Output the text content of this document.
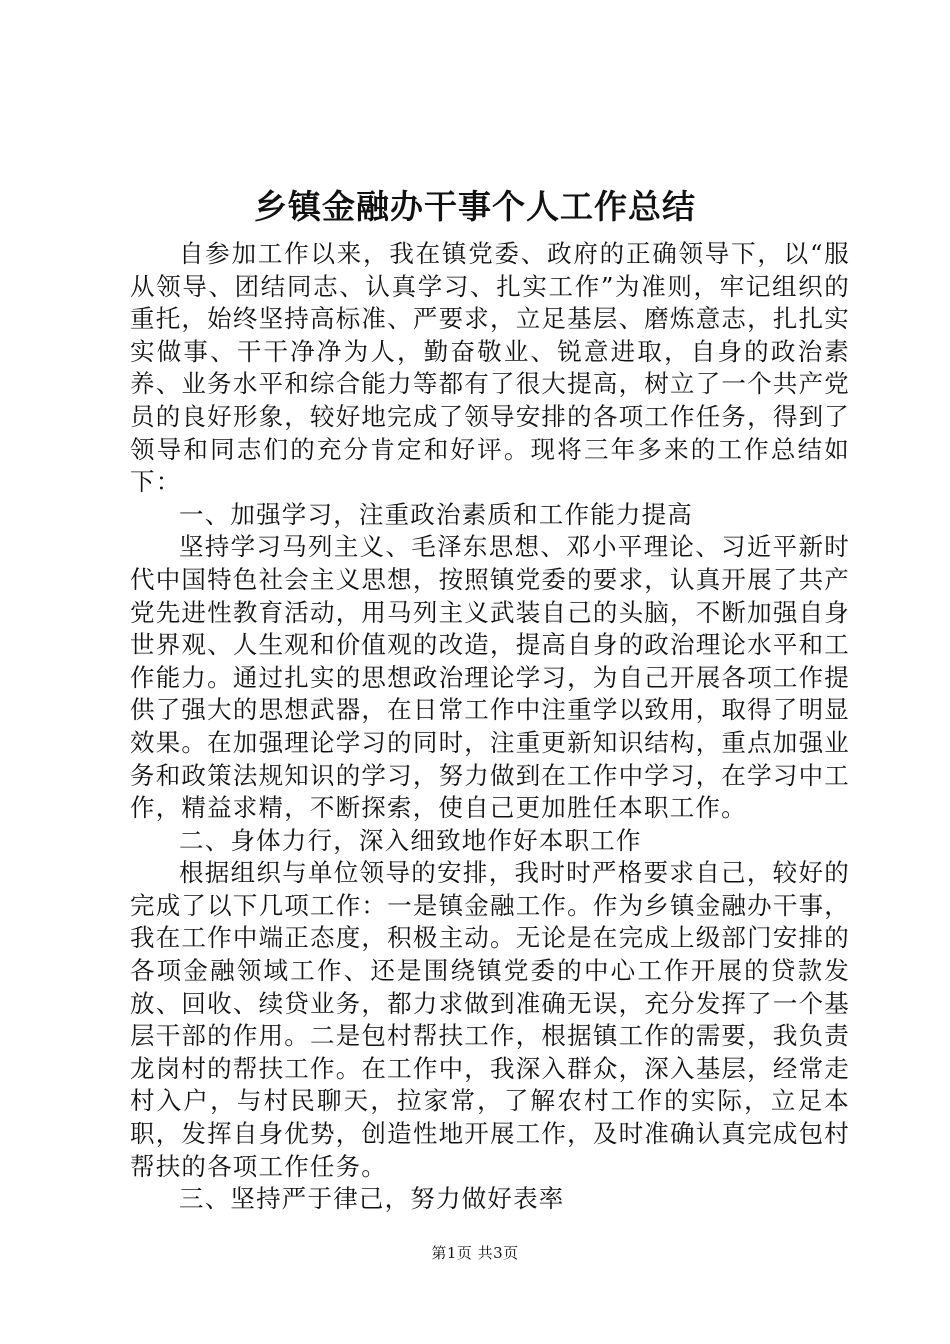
乡镇金融办干事个人工作总结

自参加工作以来，我在镇党委、政府的正确领导下，以“服从领导、团结同志、认真学习、扎实工作”为准则，牢记组织的重托，始终坚持高标准、严要求，立足基层、磨炼意志，扎扎实实做事、干干净净为人，勤奋敬业、锐意进取，自身的政治素养、业务水平和综合能力等都有了很大提高，树立了一个共产党员的良好形象，较好地完成了领导安排的各项工作任务，得到了领导和同志们的充分肯定和好评。现将三年多来的工作总结如下：

一、加强学习，注重政治素质和工作能力提高

坚持学习马列主义、毛泽东思想、邓小平理论、习近平新时代中国特色社会主义思想，按照镇党委的要求，认真开展了共产党先进性教育活动，用马列主义武装自己的头脑，不断加强自身世界观、人生观和价值观的改造，提高自身的政治理论水平和工作能力。通过扎实的思想政治理论学习，为自己开展各项工作提供了强大的思想武器，在日常工作中注重学以致用，取得了明显效果。在加强理论学习的同时，注重更新知识结构，重点加强业务和政策法规知识的学习，努力做到在工作中学习，在学习中工作，精益求精，不断探索，使自己更加胜任本职工作。

二、身体力行，深入细致地作好本职工作

根据组织与单位领导的安排，我时时严格要求自己，较好的完成了以下几项工作：一是镇金融工作。作为乡镇金融办干事，我在工作中端正态度，积极主动。无论是在完成上级部门安排的各项金融领域工作、还是围绕镇党委的中心工作开展的贷款发放、回收、续贷业务，都力求做到准确无误，充分发挥了一个基层干部的作用。二是包村帮扶工作，根据镇工作的需要，我负责龙岗村的帮扶工作。在工作中，我深入群众，深入基层，经常走村入户，与村民聊天，拉家常，了解农村工作的实际，立足本职，发挥自身优势，创造性地开展工作，及时准确认真完成包村帮扶的各项工作任务。

三、坚持严于律己，努力做好表率

第1页 共3页
